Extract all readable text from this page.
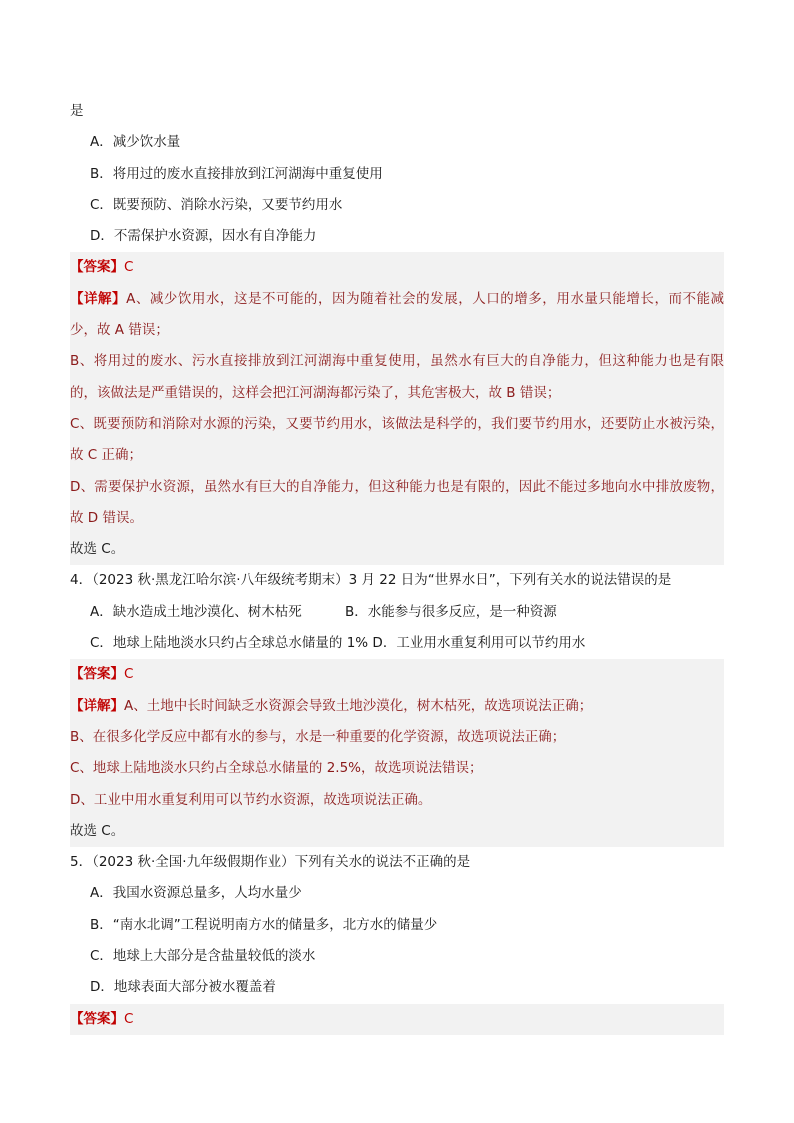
是
A．减少饮水量
B．将用过的废水直接排放到江河湖海中重复使用
C．既要预防、消除水污染，又要节约用水
D．不需保护水资源，因水有自净能力
【答案】C
【详解】A、减少饮用水，这是不可能的，因为随着社会的发展，人口的增多，用水量只能增长，而不能减少，故 A 错误；
B、将用过的废水、污水直接排放到江河湖海中重复使用，虽然水有巨大的自净能力，但这种能力也是有限的，该做法是严重错误的，这样会把江河湖海都污染了，其危害极大，故 B 错误；
C、既要预防和消除对水源的污染，又要节约用水，该做法是科学的，我们要节约用水，还要防止水被污染，故 C 正确；
D、需要保护水资源，虽然水有巨大的自净能力，但这种能力也是有限的，因此不能过多地向水中排放废物，故 D 错误。
故选 C。
4．（2023 秋·黑龙江哈尔滨·八年级统考期末）3 月 22 日为“世界水日”，下列有关水的说法错误的是
A．缺水造成土地沙漠化、树木枯死	B．水能参与很多反应，是一种资源
C．地球上陆地淡水只约占全球总水储量的 1% D．工业用水重复利用可以节约用水
【答案】C
【详解】A、土地中长时间缺乏水资源会导致土地沙漠化，树木枯死，故选项说法正确；
B、在很多化学反应中都有水的参与，水是一种重要的化学资源，故选项说法正确；
C、地球上陆地淡水只约占全球总水储量的 2.5%，故选项说法错误；
D、工业中用水重复利用可以节约水资源，故选项说法正确。
故选 C。
5．（2023 秋·全国·九年级假期作业）下列有关水的说法不正确的是
A．我国水资源总量多，人均水量少
B．“南水北调”工程说明南方水的储量多，北方水的储量少
C．地球上大部分是含盐量较低的淡水
D．地球表面大部分被水覆盖着
【答案】C
